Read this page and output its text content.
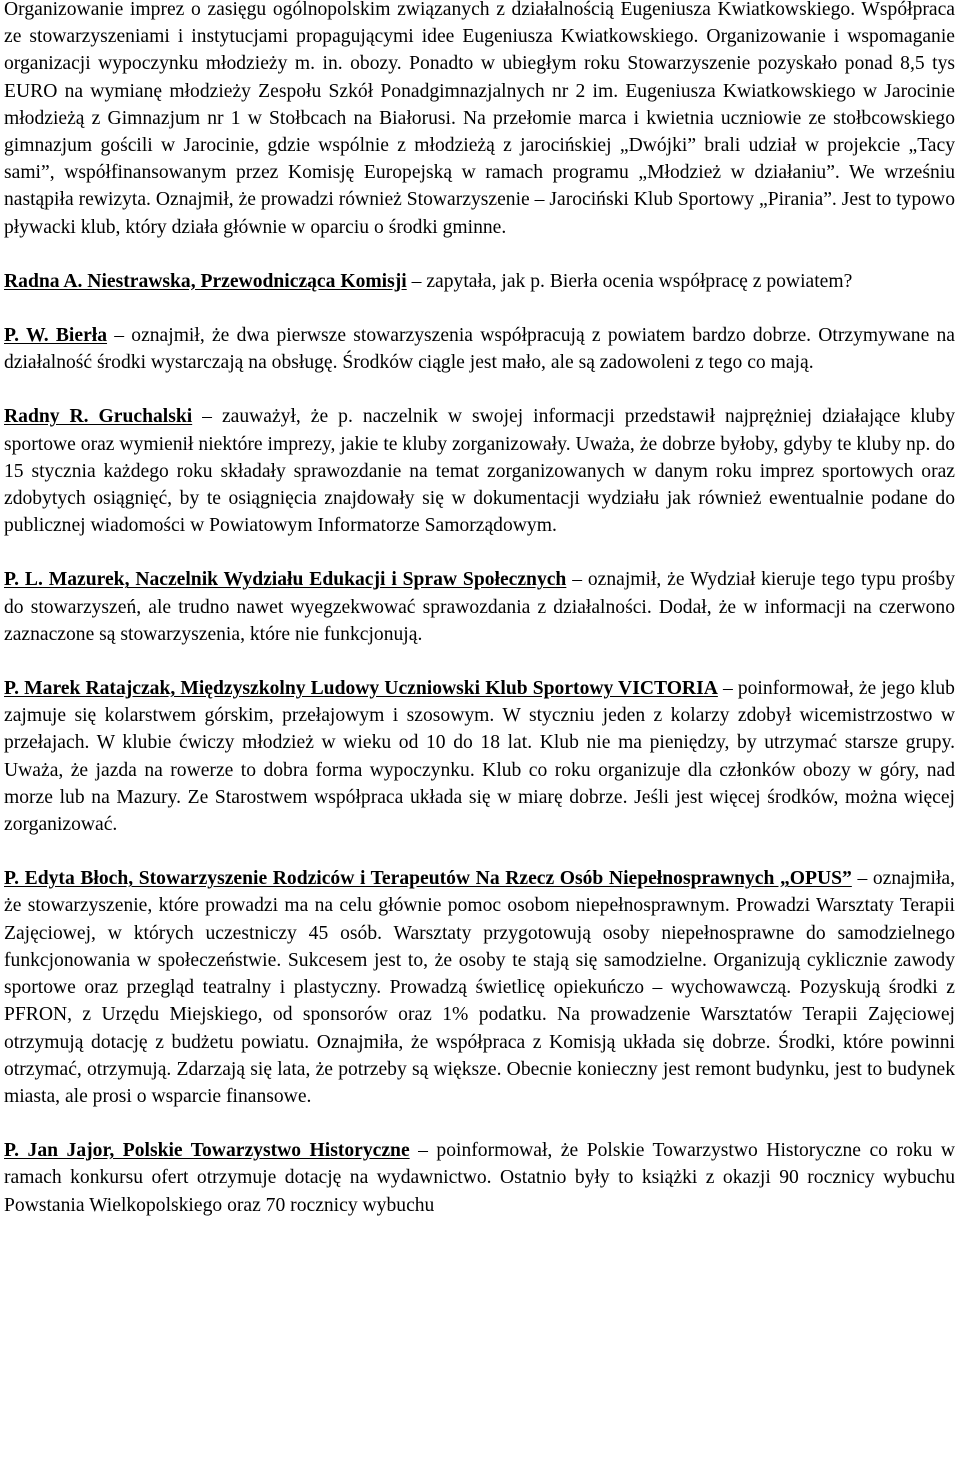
Organizowanie imprez o zasięgu ogólnopolskim związanych z działalnością Eugeniusza Kwiatkowskiego. Współpraca ze stowarzyszeniami i instytucjami propagującymi idee Eugeniusza Kwiatkowskiego. Organizowanie i wspomaganie organizacji wypoczynku młodzieży m. in. obozy. Ponadto w ubiegłym roku Stowarzyszenie pozyskało ponad 8,5 tys EURO na wymianę młodzieży Zespołu Szkół Ponadgimnazjalnych nr 2 im. Eugeniusza Kwiatkowskiego w Jarocinie młodzieżą z Gimnazjum nr 1 w Stołbcach na Białorusi. Na przełomie marca i kwietnia uczniowie ze stołbcowskiego gimnazjum gościli w Jarocinie, gdzie wspólnie z młodzieżą z jarocińskiej „Dwójki” brali udział w projekcie „Tacy sami”, współfinansowanym przez Komisję Europejską w ramach programu „Młodzież w działaniu”. We wrześniu nastąpiła rewizyta. Oznajmił, że prowadzi również Stowarzyszenie – Jarociński Klub Sportowy „Pirania”. Jest to typowo pływacki klub, który działa głównie w oparciu o środki gminne.

Radna A. Niestrawska, Przewodnicząca Komisji – zapytała, jak p. Bierła ocenia współpracę z powiatem?

P. W. Bierła – oznajmił, że dwa pierwsze stowarzyszenia współpracują z powiatem bardzo dobrze. Otrzymywane na działalność środki wystarczają na obsługę. Środków ciągle jest mało, ale są zadowoleni z tego co mają.

Radny R. Gruchalski – zauważył, że p. naczelnik w swojej informacji przedstawił najprężniej działające kluby sportowe oraz wymienił niektóre imprezy, jakie te kluby zorganizowały. Uważa, że dobrze byłoby, gdyby te kluby np. do 15 stycznia każdego roku składały sprawozdanie na temat zorganizowanych w danym roku imprez sportowych oraz zdobytych osiągnięć, by te osiągnięcia znajdowały się w dokumentacji wydziału jak również ewentualnie podane do publicznej wiadomości w Powiatowym Informatorze Samorządowym.

P. L. Mazurek, Naczelnik Wydziału Edukacji i Spraw Społecznych – oznajmił, że Wydział kieruje tego typu prośby do stowarzyszeń, ale trudno nawet wyegzekwować sprawozdania z działalności. Dodał, że w informacji na czerwono zaznaczone są stowarzyszenia, które nie funkcjonują.

P. Marek Ratajczak, Międzyszkolny Ludowy Uczniowski Klub Sportowy VICTORIA – poinformował, że jego klub zajmuje się kolarstwem górskim, przełajowym i szosowym. W styczniu jeden z kolarzy zdobył wicemistrzostwo w przełajach. W klubie ćwiczy młodzież w wieku od 10 do 18 lat. Klub nie ma pieniędzy, by utrzymać starsze grupy. Uważa, że jazda na rowerze to dobra forma wypoczynku. Klub co roku organizuje dla członków obozy w góry, nad morze lub na Mazury. Ze Starostwem współpraca układa się w miarę dobrze. Jeśli jest więcej środków, można więcej zorganizować.

P. Edyta Błoch, Stowarzyszenie Rodziców i Terapeutów Na Rzecz Osób Niepełnosprawnych „OPUS” – oznajmiła, że stowarzyszenie, które prowadzi ma na celu głównie pomoc osobom niepełnosprawnym. Prowadzi Warsztaty Terapii Zajęciowej, w których uczestniczy 45 osób. Warsztaty przygotowują osoby niepełnosprawne do samodzielnego funkcjonowania w społeczeństwie. Sukcesem jest to, że osoby te stają się samodzielne. Organizują cyklicznie zawody sportowe oraz przegląd teatralny i plastyczny. Prowadzą świetlicę opiekuńczo – wychowawczą. Pozyskują środki z PFRON, z Urzędu Miejskiego, od sponsorów oraz 1% podatku. Na prowadzenie Warsztatów Terapii Zajęciowej otrzymują dotację z budżetu powiatu. Oznajmiła, że współpraca z Komisją układa się dobrze. Środki, które powinni otrzymać, otrzymują. Zdarzają się lata, że potrzeby są większe. Obecnie konieczny jest remont budynku, jest to budynek miasta, ale prosi o wsparcie finansowe.

P. Jan Jajor, Polskie Towarzystwo Historyczne – poinformował, że Polskie Towarzystwo Historyczne co roku w ramach konkursu ofert otrzymuje dotację na wydawnictwo. Ostatnio były to książki z okazji 90 rocznicy wybuchu Powstania Wielkopolskiego oraz 70 rocznicy wybuchu
